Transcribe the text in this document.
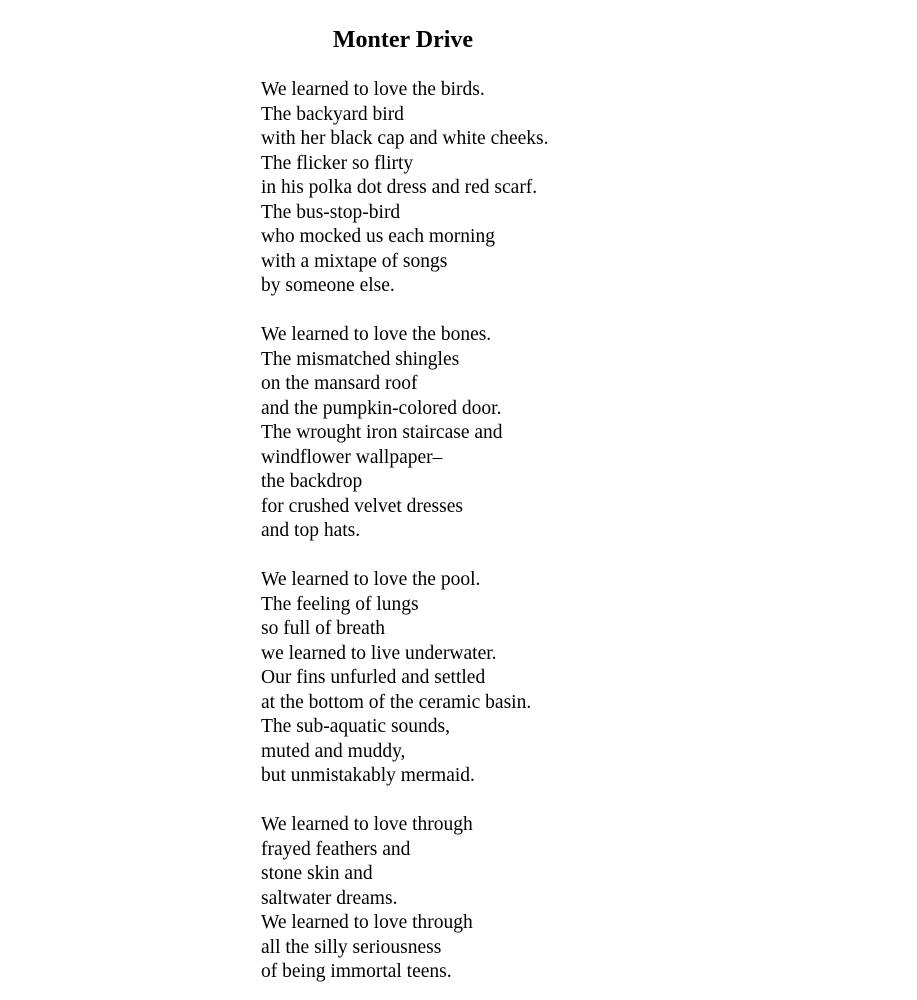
Monter Drive
We learned to love the birds.
The backyard bird
with her black cap and white cheeks.
The flicker so flirty
in his polka dot dress and red scarf.
The bus-stop-bird
who mocked us each morning
with a mixtape of songs
by someone else.
We learned to love the bones.
The mismatched shingles
on the mansard roof
and the pumpkin-colored door.
The wrought iron staircase and
windflower wallpaper–
the backdrop
for crushed velvet dresses
and top hats.
We learned to love the pool.
The feeling of lungs
so full of breath
we learned to live underwater.
Our fins unfurled and settled
at the bottom of the ceramic basin.
The sub-aquatic sounds,
muted and muddy,
but unmistakably mermaid.
We learned to love through
frayed feathers and
stone skin and
saltwater dreams.
We learned to love through
all the silly seriousness
of being immortal teens.
